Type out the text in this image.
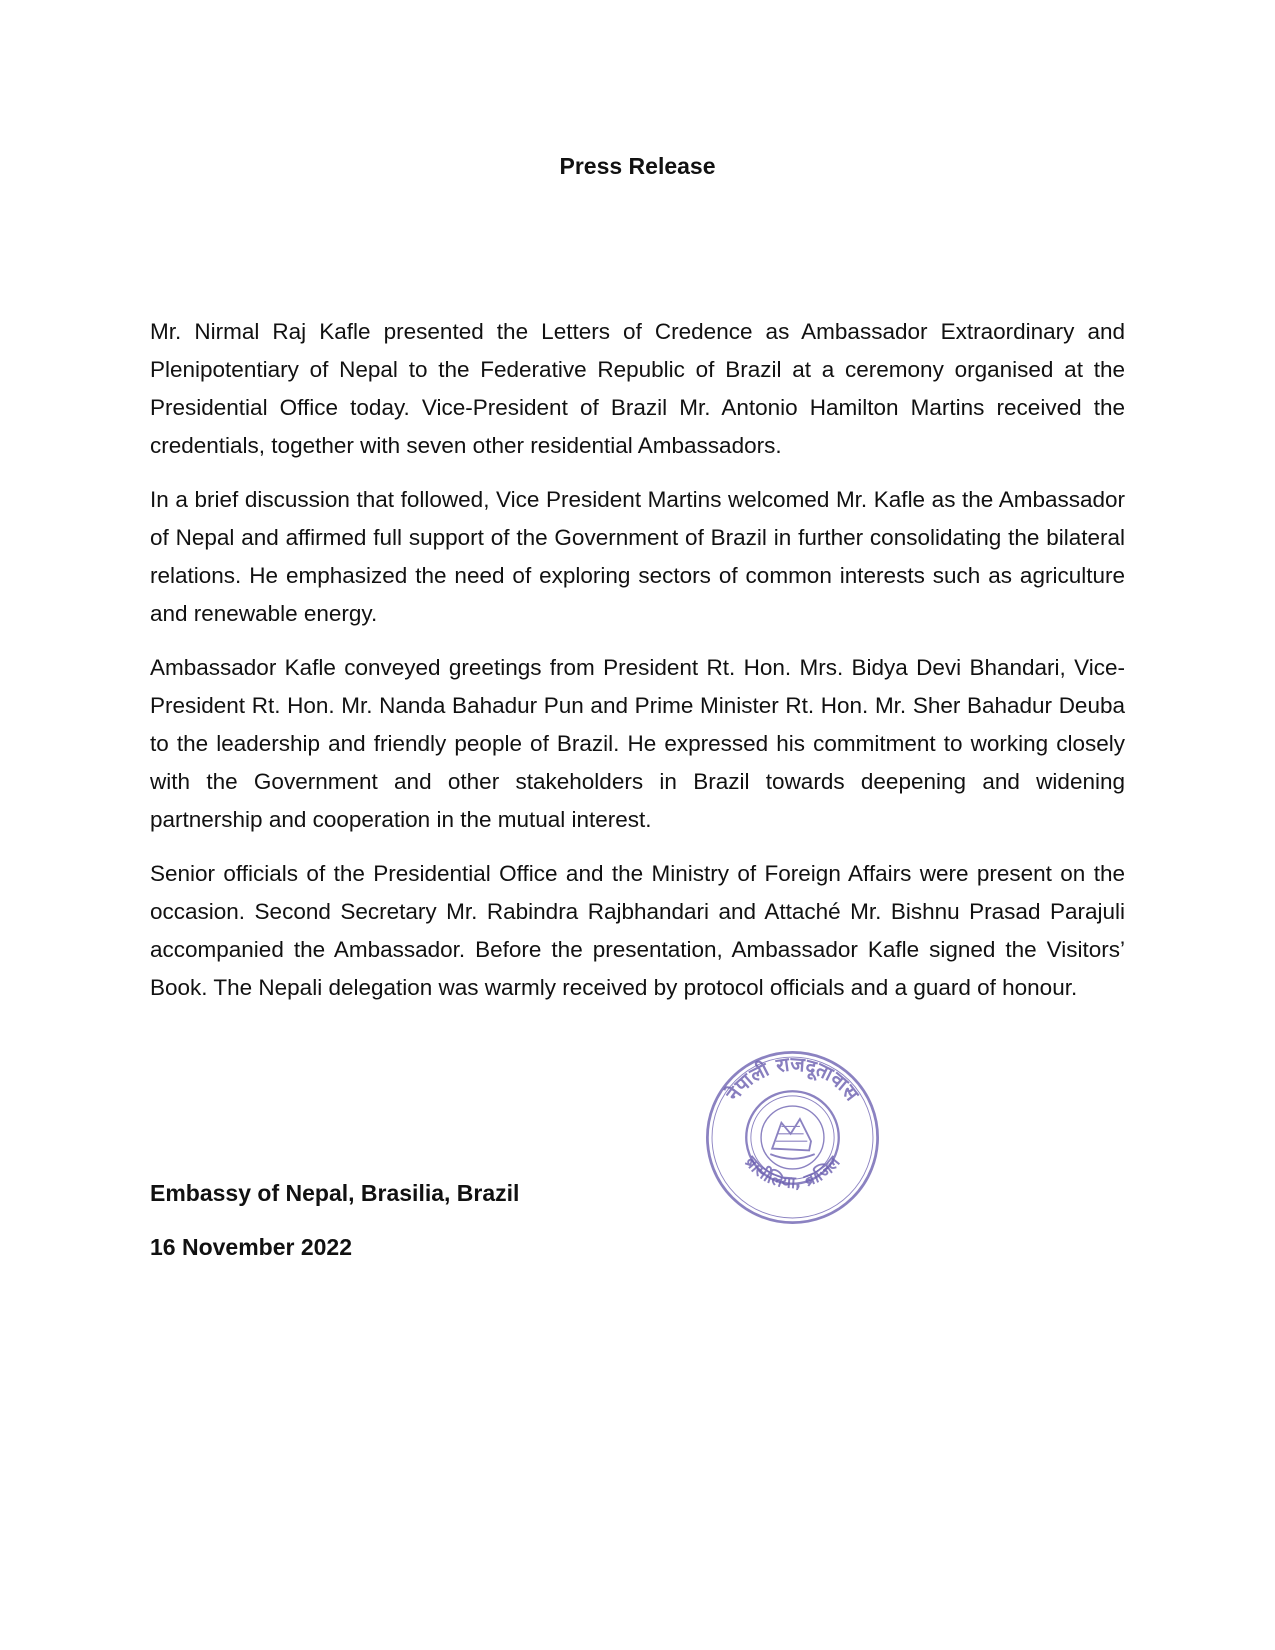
Press Release

Mr. Nirmal Raj Kafle presented the Letters of Credence as Ambassador Extraordinary and Plenipotentiary of Nepal to the Federative Republic of Brazil at a ceremony organised at the Presidential Office today. Vice-President of Brazil Mr. Antonio Hamilton Martins received the credentials, together with seven other residential Ambassadors.

In a brief discussion that followed, Vice President Martins welcomed Mr. Kafle as the Ambassador of Nepal and affirmed full support of the Government of Brazil in further consolidating the bilateral relations. He emphasized the need of exploring sectors of common interests such as agriculture and renewable energy.

Ambassador Kafle conveyed greetings from President Rt. Hon. Mrs. Bidya Devi Bhandari, Vice-President Rt. Hon. Mr. Nanda Bahadur Pun and Prime Minister Rt. Hon. Mr. Sher Bahadur Deuba to the leadership and friendly people of Brazil. He expressed his commitment to working closely with the Government and other stakeholders in Brazil towards deepening and widening partnership and cooperation in the mutual interest.

Senior officials of the Presidential Office and the Ministry of Foreign Affairs were present on the occasion. Second Secretary Mr. Rabindra Rajbhandari and Attaché Mr. Bishnu Prasad Parajuli accompanied the Ambassador. Before the presentation, Ambassador Kafle signed the Visitors’ Book. The Nepali delegation was warmly received by protocol officials and a guard of honour.

नेपाली राजदूतावास
ब्रासीलिया, ब्राजिल
Embassy of Nepal, Brasilia, Brazil
16 November 2022
